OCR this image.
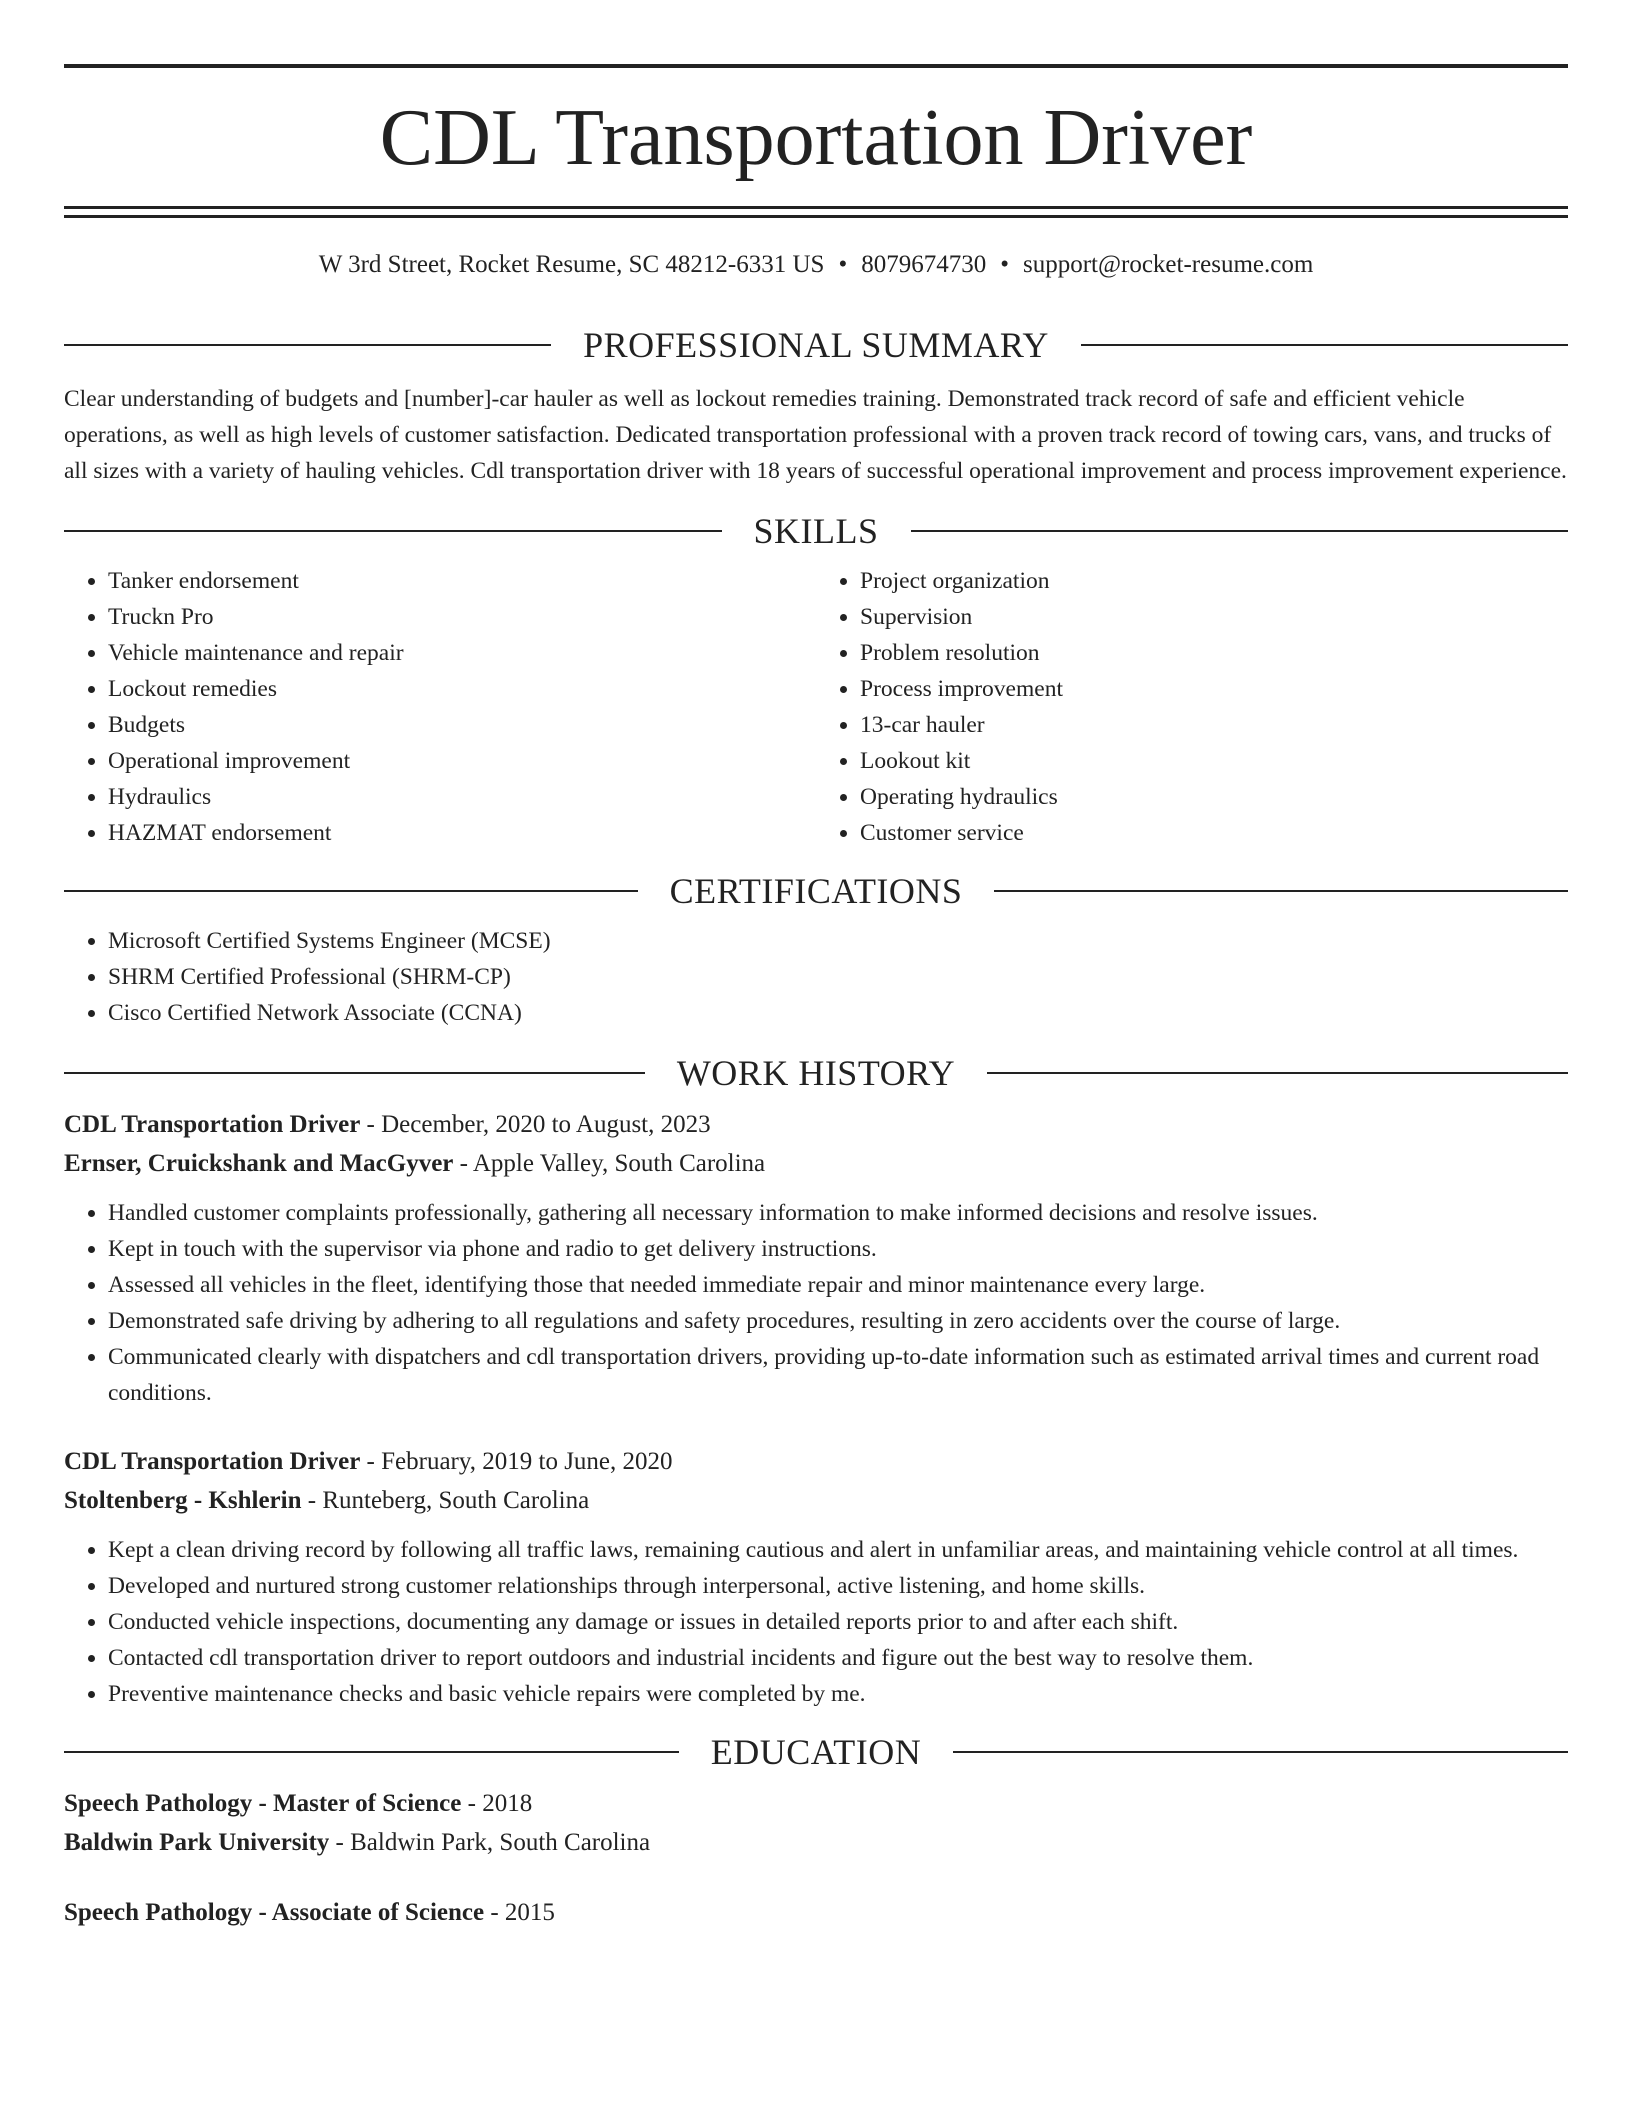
CDL Transportation Driver
W 3rd Street, Rocket Resume, SC 48212-6331 US • 8079674730 • support@rocket-resume.com
PROFESSIONAL SUMMARY

Clear understanding of budgets and [number]-car hauler as well as lockout remedies training. Demonstrated track record of safe and efficient vehicle operations, as well as high levels of customer satisfaction. Dedicated transportation professional with a proven track record of towing cars, vans, and trucks of all sizes with a variety of hauling vehicles. Cdl transportation driver with 18 years of successful operational improvement and process improvement experience.

SKILLS
• Tanker endorsement
• Truckn Pro
• Vehicle maintenance and repair
• Lockout remedies
• Budgets
• Operational improvement
• Hydraulics
• HAZMAT endorsement
• Project organization
• Supervision
• Problem resolution
• Process improvement
• 13-car hauler
• Lookout kit
• Operating hydraulics
• Customer service
CERTIFICATIONS
• Microsoft Certified Systems Engineer (MCSE)
• SHRM Certified Professional (SHRM-CP)
• Cisco Certified Network Associate (CCNA)
WORK HISTORY
CDL Transportation Driver - December, 2020 to August, 2023
Ernser, Cruickshank and MacGyver - Apple Valley, South Carolina
• Handled customer complaints professionally, gathering all necessary information to make informed decisions and resolve issues.
• Kept in touch with the supervisor via phone and radio to get delivery instructions.
• Assessed all vehicles in the fleet, identifying those that needed immediate repair and minor maintenance every large.
• Demonstrated safe driving by adhering to all regulations and safety procedures, resulting in zero accidents over the course of large.
• Communicated clearly with dispatchers and cdl transportation drivers, providing up-to-date information such as estimated arrival times and current road conditions.
CDL Transportation Driver - February, 2019 to June, 2020
Stoltenberg - Kshlerin - Runteberg, South Carolina
• Kept a clean driving record by following all traffic laws, remaining cautious and alert in unfamiliar areas, and maintaining vehicle control at all times.
• Developed and nurtured strong customer relationships through interpersonal, active listening, and home skills.
• Conducted vehicle inspections, documenting any damage or issues in detailed reports prior to and after each shift.
• Contacted cdl transportation driver to report outdoors and industrial incidents and figure out the best way to resolve them.
• Preventive maintenance checks and basic vehicle repairs were completed by me.
EDUCATION
Speech Pathology - Master of Science - 2018
Baldwin Park University - Baldwin Park, South Carolina
Speech Pathology - Associate of Science - 2015
